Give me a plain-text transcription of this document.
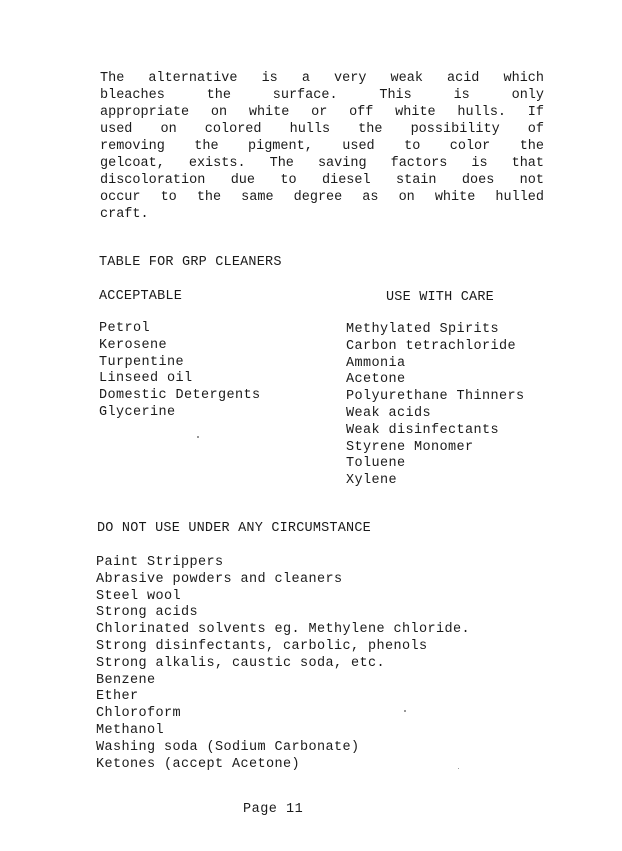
The alternative is a very weak acid which
bleaches the surface. This is only
appropriate on white or off white hulls. If
used on colored hulls the possibility of
removing the pigment, used to color the
gelcoat, exists. The saving factors is that
discoloration due to diesel stain does not
occur to the same degree as on white hulled
craft.
TABLE FOR GRP CLEANERS
ACCEPTABLE	USE WITH CARE
Petrol
Kerosene
Turpentine
Linseed oil
Domestic Detergents
Glycerine
Methylated Spirits
Carbon tetrachloride
Ammonia
Acetone
Polyurethane Thinners
Weak acids
Weak disinfectants
Styrene Monomer
Toluene
Xylene
DO NOT USE UNDER ANY CIRCUMSTANCE
Paint Strippers
Abrasive powders and cleaners
Steel wool
Strong acids
Chlorinated solvents eg. Methylene chloride.
Strong disinfectants, carbolic, phenols
Strong alkalis, caustic soda, etc.
Benzene
Ether
Chloroform
Methanol
Washing soda (Sodium Carbonate)
Ketones (accept Acetone)
Page 11
